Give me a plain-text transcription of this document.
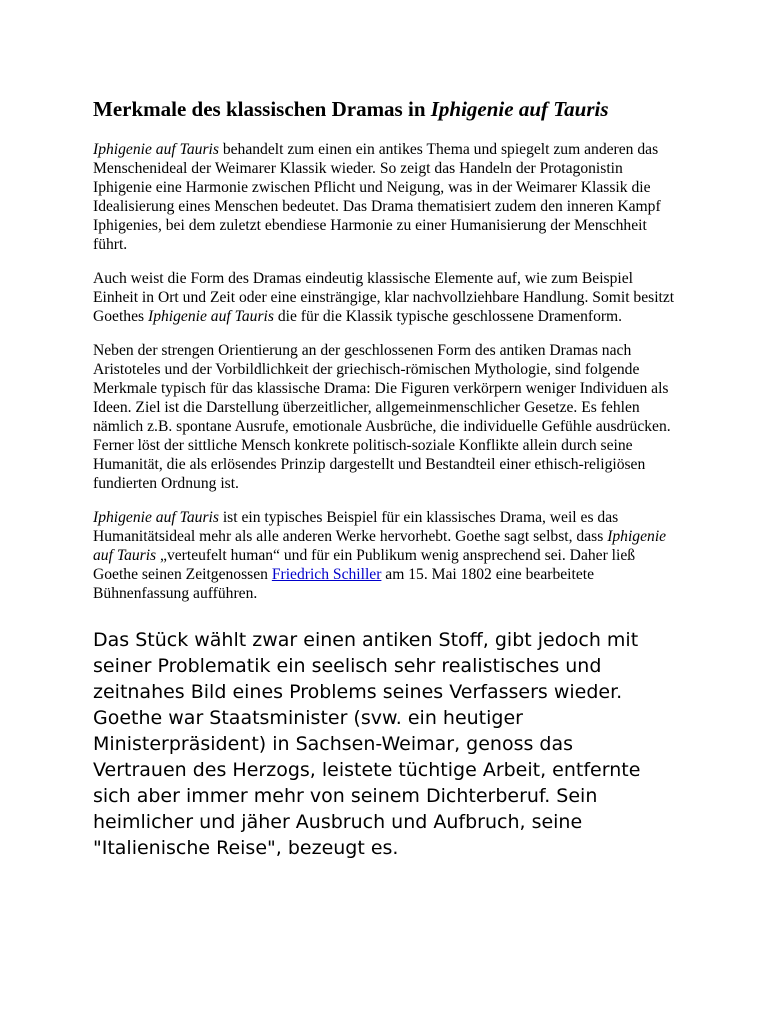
Merkmale des klassischen Dramas in Iphigenie auf Tauris

Iphigenie auf Tauris behandelt zum einen ein antikes Thema und spiegelt zum anderen das Menschenideal der Weimarer Klassik wieder. So zeigt das Handeln der Protagonistin Iphigenie eine Harmonie zwischen Pflicht und Neigung, was in der Weimarer Klassik die Idealisierung eines Menschen bedeutet. Das Drama thematisiert zudem den inneren Kampf Iphigenies, bei dem zuletzt ebendiese Harmonie zu einer Humanisierung der Menschheit führt.

Auch weist die Form des Dramas eindeutig klassische Elemente auf, wie zum Beispiel Einheit in Ort und Zeit oder eine einsträngige, klar nachvollziehbare Handlung. Somit besitzt Goethes Iphigenie auf Tauris die für die Klassik typische geschlossene Dramenform.

Neben der strengen Orientierung an der geschlossenen Form des antiken Dramas nach Aristoteles und der Vorbildlichkeit der griechisch-römischen Mythologie, sind folgende Merkmale typisch für das klassische Drama: Die Figuren verkörpern weniger Individuen als Ideen. Ziel ist die Darstellung überzeitlicher, allgemeinmenschlicher Gesetze. Es fehlen nämlich z.B. spontane Ausrufe, emotionale Ausbrüche, die individuelle Gefühle ausdrücken. Ferner löst der sittliche Mensch konkrete politisch-soziale Konflikte allein durch seine Humanität, die als erlösendes Prinzip dargestellt und Bestandteil einer ethisch-religiösen fundierten Ordnung ist.

Iphigenie auf Tauris ist ein typisches Beispiel für ein klassisches Drama, weil es das Humanitätsideal mehr als alle anderen Werke hervorhebt. Goethe sagt selbst, dass Iphigenie auf Tauris „verteufelt human“ und für ein Publikum wenig ansprechend sei. Daher ließ Goethe seinen Zeitgenossen Friedrich Schiller am 15. Mai 1802 eine bearbeitete Bühnenfassung aufführen.

Das Stück wählt zwar einen antiken Stoff, gibt jedoch mit seiner Problematik ein seelisch sehr realistisches und zeitnahes Bild eines Problems seines Verfassers wieder. Goethe war Staatsminister (svw. ein heutiger Ministerpräsident) in Sachsen-Weimar, genoss das Vertrauen des Herzogs, leistete tüchtige Arbeit, entfernte sich aber immer mehr von seinem Dichterberuf. Sein heimlicher und jäher Ausbruch und Aufbruch, seine "Italienische Reise", bezeugt es.
